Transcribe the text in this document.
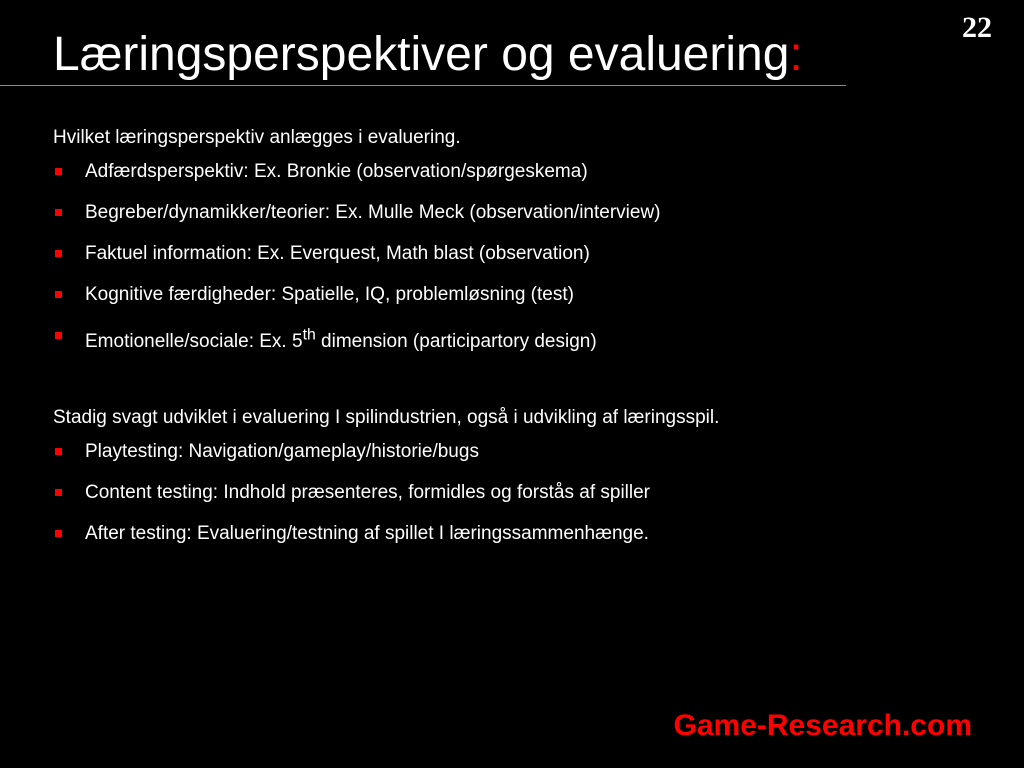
Læringsperspektiver og evaluering:
22
Hvilket læringsperspektiv anlægges i evaluering.
Adfærdsperspektiv: Ex. Bronkie (observation/spørgeskema)
Begreber/dynamikker/teorier: Ex. Mulle Meck (observation/interview)
Faktuel information: Ex. Everquest, Math blast (observation)
Kognitive færdigheder: Spatielle, IQ, problemløsning (test)
Emotionelle/sociale: Ex. 5th dimension (participartory design)
Stadig svagt udviklet i evaluering I spilindustrien, også i udvikling af læringsspil.
Playtesting: Navigation/gameplay/historie/bugs
Content testing: Indhold præsenteres, formidles og forstås af spiller
After testing: Evaluering/testning af spillet I læringssammenhænge.
Game-Research.com
